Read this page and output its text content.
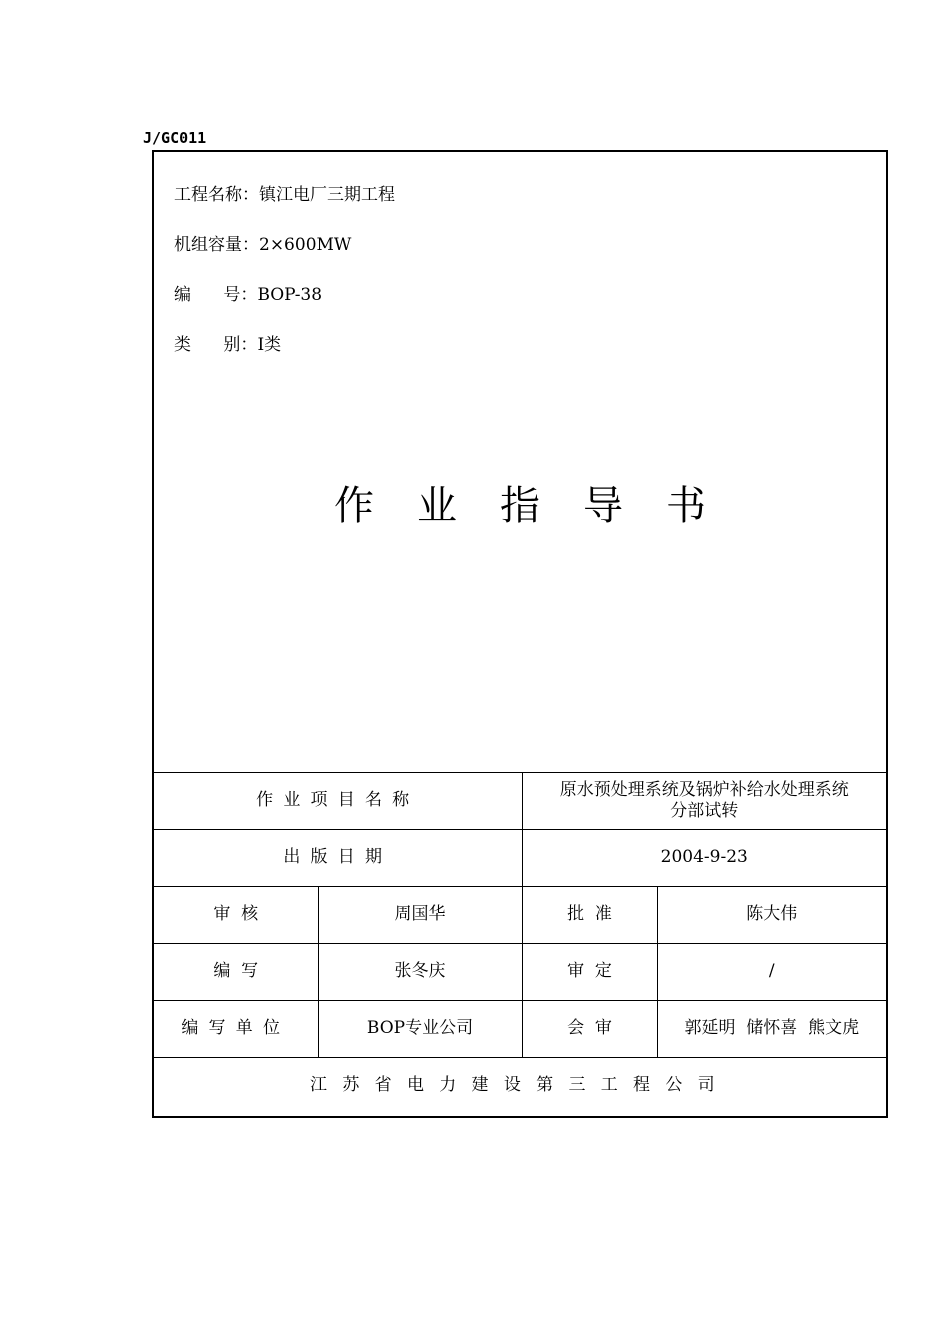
J/GC011
工程名称：镇江电厂三期工程
机组容量：2×600MW
编      号：BOP-38
类      别：Ⅰ类
作	业	指	导	书
作业项目名称		原水预处理系统及锅炉补给水处理系统
分部试转	

出版日期		2004-9-23	
审  核	周国华	批  准	陈大伟
编  写	张冬庆	审  定	/
编写单位	BOP专业公司	会  审	郭延明  储怀喜  熊文虎
江苏省电力建设第三工程公司			
